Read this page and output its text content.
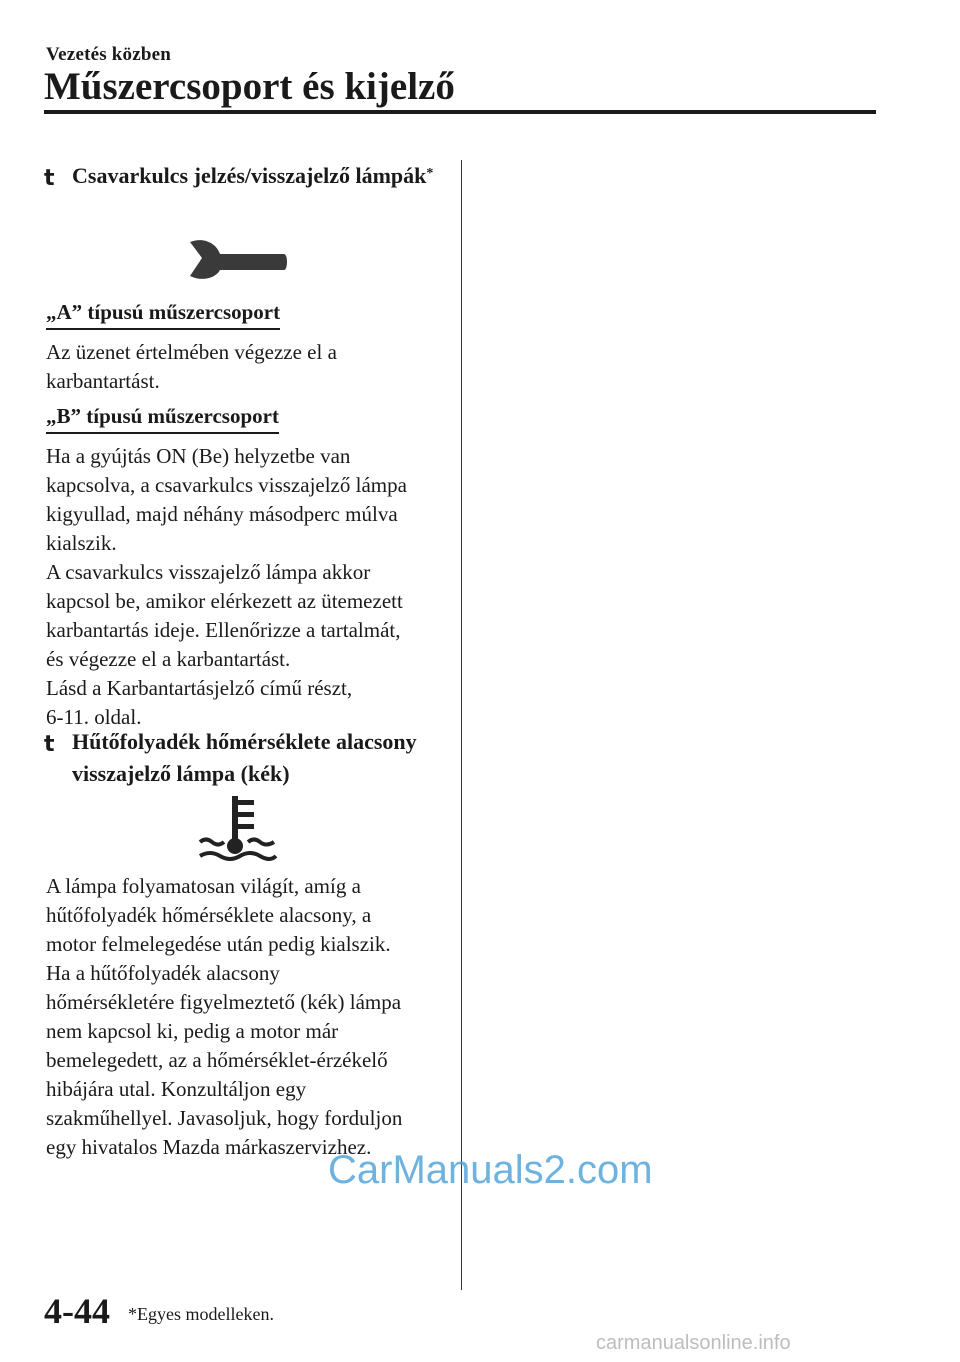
Vezetés közben
Műszercsoport és kijelző
t Csavarkulcs jelzés/visszajelző lámpák*
„A” típusú műszercsoport
Az üzenet értelmében végezze el a
karbantartást.
„B” típusú műszercsoport
Ha a gyújtás ON (Be) helyzetbe van
kapcsolva, a csavarkulcs visszajelző lámpa
kigyullad, majd néhány másodperc múlva
kialszik.
A csavarkulcs visszajelző lámpa akkor
kapcsol be, amikor elérkezett az ütemezett
karbantartás ideje. Ellenőrizze a tartalmát,
és végezze el a karbantartást.
Lásd a Karbantartásjelző című részt,
6-11. oldal.
t Hűtőfolyadék hőmérséklete alacsony visszajelző lámpa (kék)
A lámpa folyamatosan világít, amíg a
hűtőfolyadék hőmérséklete alacsony, a
motor felmelegedése után pedig kialszik.
Ha a hűtőfolyadék alacsony
hőmérsékletére figyelmeztető (kék) lámpa
nem kapcsol ki, pedig a motor már
bemelegedett, az a hőmérséklet-érzékelő
hibájára utal. Konzultáljon egy
szakműhellyel. Javasoljuk, hogy forduljon
egy hivatalos Mazda márkaszervizhez.
CarManuals2.com
4-44 *Egyes modelleken.
carmanualsonline.info
